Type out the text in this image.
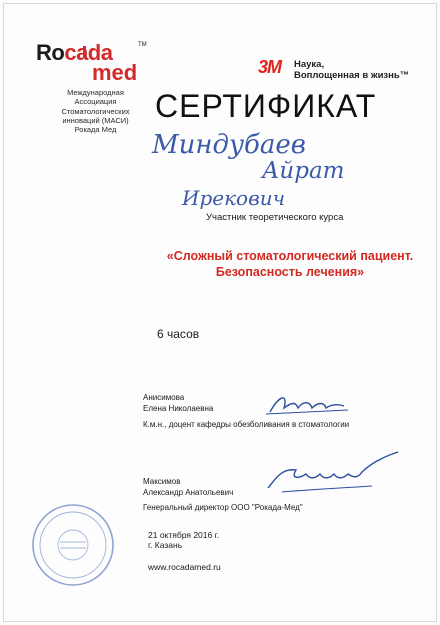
Rocada
med
TM
Международная
Ассоциация
Стоматологических
инноваций (МАСИ)
Рокада Мед
3M Наука,
Воплощенная в жизнь™
СЕРТИФИКАТ
Миндубаев
Айрат
Ирекович
Участник теоретического курса
«Сложный стоматологический пациент.
Безопасность лечения»
6 часов
Анисимова
Елена Николаевна
К.м.н., доцент кафедры обезболивания в стоматологии
Максимов
Александр Анатольевич
Генеральный директор ООО "Рокада-Мед"
21 октября 2016 г.
г. Казань
www.rocadamed.ru
